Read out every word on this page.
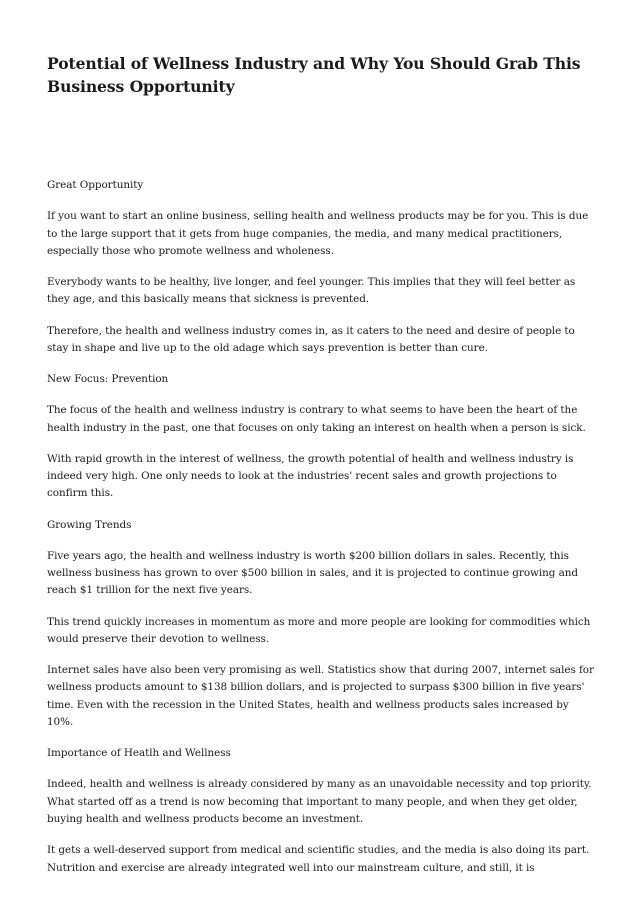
Potential of Wellness Industry and Why You Should Grab This Business Opportunity

Great Opportunity

If you want to start an online business, selling health and wellness products may be for you. This is due to the large support that it gets from huge companies, the media, and many medical practitioners, especially those who promote wellness and wholeness.

Everybody wants to be healthy, live longer, and feel younger. This implies that they will feel better as they age, and this basically means that sickness is prevented.

Therefore, the health and wellness industry comes in, as it caters to the need and desire of people to stay in shape and live up to the old adage which says prevention is better than cure.

New Focus: Prevention

The focus of the health and wellness industry is contrary to what seems to have been the heart of the health industry in the past, one that focuses on only taking an interest on health when a person is sick.

With rapid growth in the interest of wellness, the growth potential of health and wellness industry is indeed very high. One only needs to look at the industries' recent sales and growth projections to confirm this.

Growing Trends

Five years ago, the health and wellness industry is worth $200 billion dollars in sales. Recently, this wellness business has grown to over $500 billion in sales, and it is projected to continue growing and reach $1 trillion for the next five years.

This trend quickly increases in momentum as more and more people are looking for commodities which would preserve their devotion to wellness.

Internet sales have also been very promising as well. Statistics show that during 2007, internet sales for wellness products amount to $138 billion dollars, and is projected to surpass $300 billion in five years' time. Even with the recession in the United States, health and wellness products sales increased by 10%.

Importance of Heatlh and Wellness

Indeed, health and wellness is already considered by many as an unavoidable necessity and top priority. What started off as a trend is now becoming that important to many people, and when they get older, buying health and wellness products become an investment.

It gets a well-deserved support from medical and scientific studies, and the media is also doing its part. Nutrition and exercise are already integrated well into our mainstream culture, and still, it is
